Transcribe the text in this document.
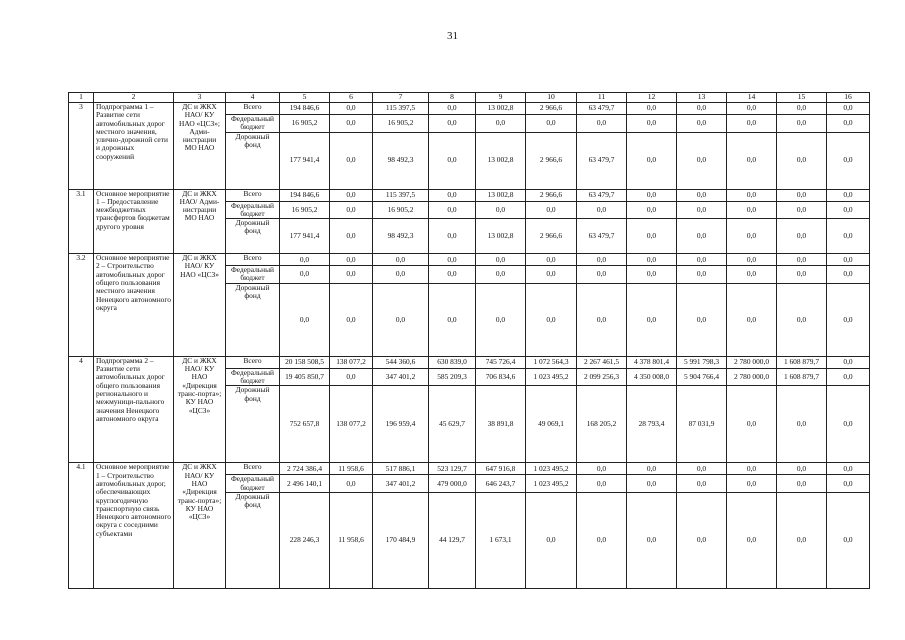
31
1	2	3	4	5	6	7	8	9	10	11	12	13	14	15	16
3	Подпрограмма 1 – Развитие сети автомобильных дорог местного значения, улично-дорожной сети и дорожных сооружений	ДС и ЖКХ НАО/ КУ НАО «ЦСЗ»; Адми-нистрации МО НАО	Всего	194 846,6	0,0	115 397,5	0,0	13 002,8	2 966,6	63 479,7	0,0	0,0	0,0	0,0	0,0
			Федеральный бюджет	16 905,2	0,0	16 905,2	0,0	0,0	0,0	0,0	0,0	0,0	0,0	0,0	0,0
			Дорожный фонд	177 941,4	0,0	98 492,3	0,0	13 002,8	2 966,6	63 479,7	0,0	0,0	0,0	0,0	0,0
3.1	Основное мероприятие 1 – Предоставление межбюджетных трансфертов бюджетам другого уровня	ДС и ЖКХ НАО/ Адми-нистрации МО НАО	Всего	194 846,6	0,0	115 397,5	0,0	13 002,8	2 966,6	63 479,7	0,0	0,0	0,0	0,0	0,0
			Федеральный бюджет	16 905,2	0,0	16 905,2	0,0	0,0	0,0	0,0	0,0	0,0	0,0	0,0	0,0
			Дорожный фонд	177 941,4	0,0	98 492,3	0,0	13 002,8	2 966,6	63 479,7	0,0	0,0	0,0	0,0	0,0
3.2	Основное мероприятие 2 – Строительство автомобильных дорог общего пользования местного значения Ненецкого автономного округа	ДС и ЖКХ НАО/ КУ НАО «ЦСЗ»	Всего	0,0	0,0	0,0	0,0	0,0	0,0	0,0	0,0	0,0	0,0	0,0	0,0
			Федеральный бюджет	0,0	0,0	0,0	0,0	0,0	0,0	0,0	0,0	0,0	0,0	0,0	0,0
			Дорожный фонд	0,0	0,0	0,0	0,0	0,0	0,0	0,0	0,0	0,0	0,0	0,0	0,0
4	Подпрограмма 2 – Развитие сети автомобильных дорог общего пользования регионального и межмуници-пального значения Ненецкого автономного округа	ДС и ЖКХ НАО/ КУ НАО «Дирекция транс-порта»; КУ НАО «ЦСЗ»	Всего	20 158 508,5	138 077,2	544 360,6	630 839,0	745 726,4	1 072 564,3	2 267 461,5	4 378 801,4	5 991 798,3	2 780 000,0	1 608 879,7	0,0
			Федеральный бюджет	19 405 850,7	0,0	347 401,2	585 209,3	706 834,6	1 023 495,2	2 099 256,3	4 350 008,0	5 904 766,4	2 780 000,0	1 608 879,7	0,0
			Дорожный фонд	752 657,8	138 077,2	196 959,4	45 629,7	38 891,8	49 069,1	168 205,2	28 793,4	87 031,9	0,0	0,0	0,0
4.1	Основное мероприятие 1 – Строительство автомобильных дорог, обеспечивающих круглогодичную транспортную связь Ненецкого автономного округа с соседними субъектами	ДС и ЖКХ НАО/ КУ НАО «Дирекция транс-порта»; КУ НАО «ЦСЗ»	Всего	2 724 386,4	11 958,6	517 886,1	523 129,7	647 916,8	1 023 495,2	0,0	0,0	0,0	0,0	0,0	0,0
			Федеральный бюджет	2 496 140,1	0,0	347 401,2	479 000,0	646 243,7	1 023 495,2	0,0	0,0	0,0	0,0	0,0	0,0
			Дорожный фонд	228 246,3	11 958,6	170 484,9	44 129,7	1 673,1	0,0	0,0	0,0	0,0	0,0	0,0	0,0
